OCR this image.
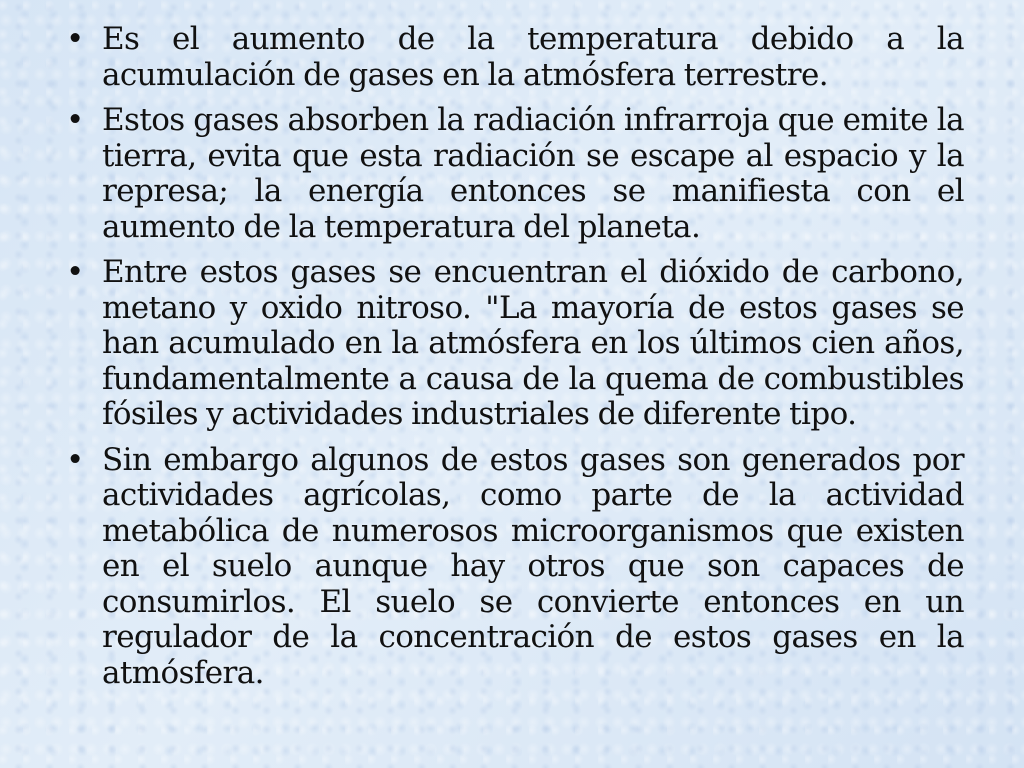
• Es el aumento de la temperatura debido a la acumulación de gases en la atmósfera terrestre.
• Estos gases absorben la radiación infrarroja que emite la tierra, evita que esta radiación se escape al espacio y la represa; la energía entonces se manifiesta con el aumento de la temperatura del planeta.
• Entre estos gases se encuentran el dióxido de carbono, metano y oxido nitroso. "La mayoría de estos gases se han acumulado en la atmósfera en los últimos cien años, fundamentalmente a causa de la quema de combustibles fósiles y actividades industriales de diferente tipo.
• Sin embargo algunos de estos gases son generados por actividades agrícolas, como parte de la actividad metabólica de numerosos microorganismos que existen en el suelo aunque hay otros que son capaces de consumirlos. El suelo se convierte entonces en un regulador de la concentración de estos gases en la atmósfera.
